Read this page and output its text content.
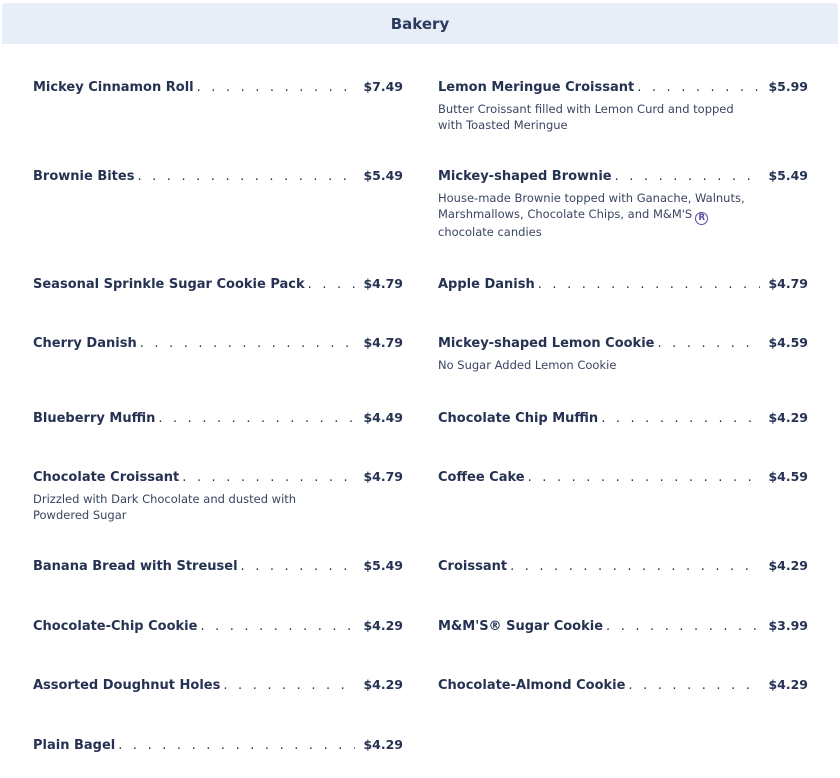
Bakery
Mickey Cinnamon Roll . . .	$7.49
Brownie Bites . . .	$5.49
Seasonal Sprinkle Sugar Cookie Pack . . .	$4.79
Cherry Danish . . .	$4.79
Blueberry Muffin . . .	$4.49
Chocolate Croissant . . .	$4.79
Drizzled with Dark Chocolate and dusted with Powdered Sugar
Banana Bread with Streusel . . .	$5.49
Chocolate-Chip Cookie . . .	$4.29
Assorted Doughnut Holes . . .	$4.29
Plain Bagel . . .	$4.29
Lemon Meringue Croissant . . .	$5.99
Butter Croissant filled with Lemon Curd and topped with Toasted Meringue
Mickey-shaped Brownie . . .	$5.49
House-made Brownie topped with Ganache, Walnuts, Marshmallows, Chocolate Chips, and M&M'S Rchocolate candies
Apple Danish . . .	$4.79
Mickey-shaped Lemon Cookie . . .	$4.59
No Sugar Added Lemon Cookie
Chocolate Chip Muffin . . .	$4.29
Coffee Cake . . .	$4.59
Croissant . . .	$4.29
M&M'S® Sugar Cookie . . .	$3.99
Chocolate-Almond Cookie . . .	$4.29
